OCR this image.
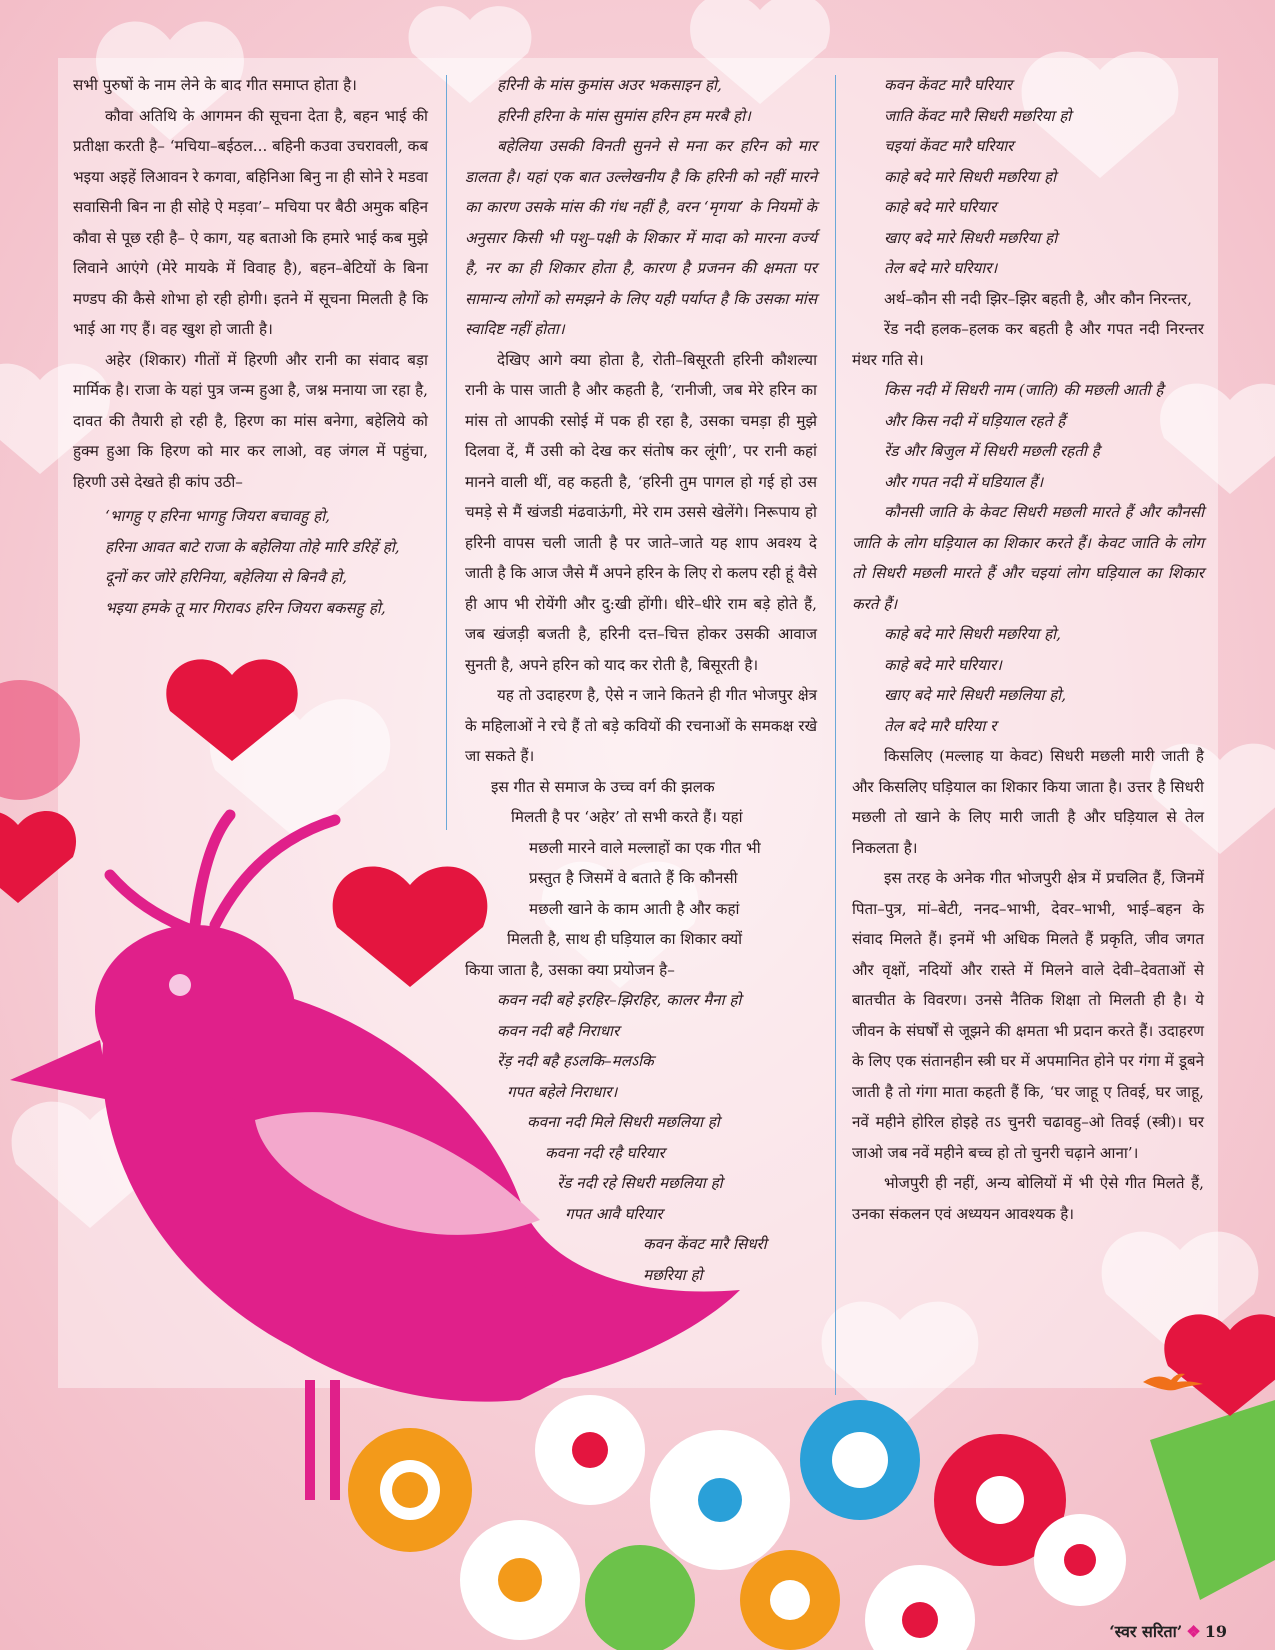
सभी पुरुषों के नाम लेने के बाद गीत समाप्त होता है।

कौवा अतिथि के आगमन की सूचना देता है, बहन भाई की प्रतीक्षा करती है– ‘मचिया–बईठल... बहिनी कउवा उचरावली, कब भइया अइहें लिआवन रे कगवा, बहिनिआ बिनु ना ही सोने रे मडवा सवासिनी बिन ना ही सोहे ऐ मड़वा’– मचिया पर बैठी अमुक बहिन कौवा से पूछ रही है– ऐ काग, यह बताओ कि हमारे भाई कब मुझे लिवाने आएंगे (मेरे मायके में विवाह है), बहन–बेटियों के बिना मण्डप की कैसे शोभा हो रही होगी। इतने में सूचना मिलती है कि भाई आ गए हैं। वह खुश हो जाती है।

अहेर (शिकार) गीतों में हिरणी और रानी का संवाद बड़ा मार्मिक है। राजा के यहां पुत्र जन्म हुआ है, जश्न मनाया जा रहा है, दावत की तैयारी हो रही है, हिरण का मांस बनेगा, बहेलिये को हुक्म हुआ कि हिरण को मार कर लाओ, वह जंगल में पहुंचा, हिरणी उसे देखते ही कांप उठी–

‘भागहु ए हरिना भागहु जियरा बचावहु हो,

हरिना आवत बाटे राजा के बहेलिया तोहे मारि डरिहें हो,

दूनों कर जोरे हरिनिया, बहेलिया से बिनवै हो,

भइया हमके तू मार गिरावऽ हरिन जियरा बकसहु हो,

हरिनी के मांस कुमांस अउर भकसाइन हो,

हरिनी हरिना के मांस सुमांस हरिन हम मरबै हो।

बहेलिया उसकी विनती सुनने से मना कर हरिन को मार डालता है। यहां एक बात उल्लेखनीय है कि हरिनी को नहीं मारने का कारण उसके मांस की गंध नहीं है, वरन ‘मृगया’ के नियमों के अनुसार किसी भी पशु–पक्षी के शिकार में मादा को मारना वर्ज्य है, नर का ही शिकार होता है, कारण है प्रजनन की क्षमता पर सामान्य लोगों को समझने के लिए यही पर्याप्त है कि उसका मांस स्वादिष्ट नहीं होता।

देखिए आगे क्या होता है, रोती–बिसूरती हरिनी कौशल्या रानी के पास जाती है और कहती है, ‘रानीजी, जब मेरे हरिन का मांस तो आपकी रसोई में पक ही रहा है, उसका चमड़ा ही मुझे दिलवा दें, मैं उसी को देख कर संतोष कर लूंगी’, पर रानी कहां मानने वाली थीं, वह कहती है, ‘हरिनी तुम पागल हो गई हो उस चमड़े से मैं खंजडी मंढवाऊंगी, मेरे राम उससे खेलेंगे। निरूपाय हो हरिनी वापस चली जाती है पर जाते–जाते यह शाप अवश्य दे जाती है कि आज जैसे मैं अपने हरिन के लिए रो कलप रही हूं वैसे ही आप भी रोयेंगी और दु:खी होंगी। धीरे–धीरे राम बड़े होते हैं, जब खंजड़ी बजती है, हरिनी दत्त–चित्त होकर उसकी आवाज सुनती है, अपने हरिन को याद कर रोती है, बिसूरती है।

यह तो उदाहरण है, ऐसे न जाने कितने ही गीत भोजपुर क्षेत्र के महिलाओं ने रचे हैं तो बड़े कवियों की रचनाओं के समकक्ष रखे जा सकते हैं।

इस गीत से समाज के उच्च वर्ग की झलक

मिलती है पर ‘अहेर’ तो सभी करते हैं। यहां

मछली मारने वाले मल्लाहों का एक गीत भी

प्रस्तुत है जिसमें वे बताते हैं कि कौनसी

मछली खाने के काम आती है और कहां

मिलती है, साथ ही घड़ियाल का शिकार क्यों

किया जाता है, उसका क्या प्रयोजन है–

कवन नदी बहे इरहिर–झिरहिर, कालर मैना हो

कवन नदी बहै निराधार

रेंड़ नदी बहै हऽलकि–मलऽकि

गपत बहेले निराधार।

कवना नदी मिले सिधरी मछलिया हो

कवना नदी रहै घरियार

रेंड नदी रहे सिधरी मछलिया हो

गपत आवै घरियार

कवन केंवट मारै सिधरी

मछरिया हो

कवन केंवट मारै घरियार

जाति केंवट मारै सिधरी मछरिया हो

चइयां केंवट मारै घरियार

काहे बदे मारे सिधरी मछरिया हो

काहे बदे मारे घरियार

खाए बदे मारे सिधरी मछरिया हो

तेल बदे मारे घरियार।

अर्थ–कौन सी नदी झिर–झिर बहती है, और कौन निरन्तर,

रेंड नदी हलक–हलक कर बहती है और गपत नदी निरन्तर मंथर गति से।

किस नदी में सिधरी नाम (जाति) की मछली आती है

और किस नदी में घड़ियाल रहते हैं

रेंड और बिजुल में सिधरी मछली रहती है

और गपत नदी में घडियाल हैं।

कौनसी जाति के केवट सिधरी मछली मारते हैं और कौनसी जाति के लोग घड़ियाल का शिकार करते हैं। केवट जाति के लोग तो सिधरी मछली मारते हैं और चइयां लोग घड़ियाल का शिकार करते हैं।

काहे बदे मारे सिधरी मछरिया हो,

काहे बदे मारे घरियार।

खाए बदे मारे सिधरी मछलिया हो,

तेल बदे मारै घरिया र

किसलिए (मल्लाह या केवट) सिधरी मछली मारी जाती है और किसलिए घड़ियाल का शिकार किया जाता है। उत्तर है सिधरी मछली तो खाने के लिए मारी जाती है और घड़ियाल से तेल निकलता है।

इस तरह के अनेक गीत भोजपुरी क्षेत्र में प्रचलित हैं, जिनमें पिता–पुत्र, मां–बेटी, ननद–भाभी, देवर–भाभी, भाई–बहन के संवाद मिलते हैं। इनमें भी अधिक मिलते हैं प्रकृति, जीव जगत और वृक्षों, नदियों और रास्ते में मिलने वाले देवी–देवताओं से बातचीत के विवरण। उनसे नैतिक शिक्षा तो मिलती ही है। ये जीवन के संघर्षों से जूझने की क्षमता भी प्रदान करते हैं। उदाहरण के लिए एक संतानहीन स्त्री घर में अपमानित होने पर गंगा में डूबने जाती है तो गंगा माता कहती हैं कि, ‘घर जाहू ए तिवई, घर जाहू, नवें महीने होरिल होइहे तऽ चुनरी चढावहु–ओ तिवई (स्त्री)। घर जाओ जब नवें महीने बच्च हो तो चुनरी चढ़ाने आना’।

भोजपुरी ही नहीं, अन्य बोलियों में भी ऐसे गीत मिलते हैं, उनका संकलन एवं अध्ययन आवश्यक है।

‘स्वर सरिता’ ❖ 19
